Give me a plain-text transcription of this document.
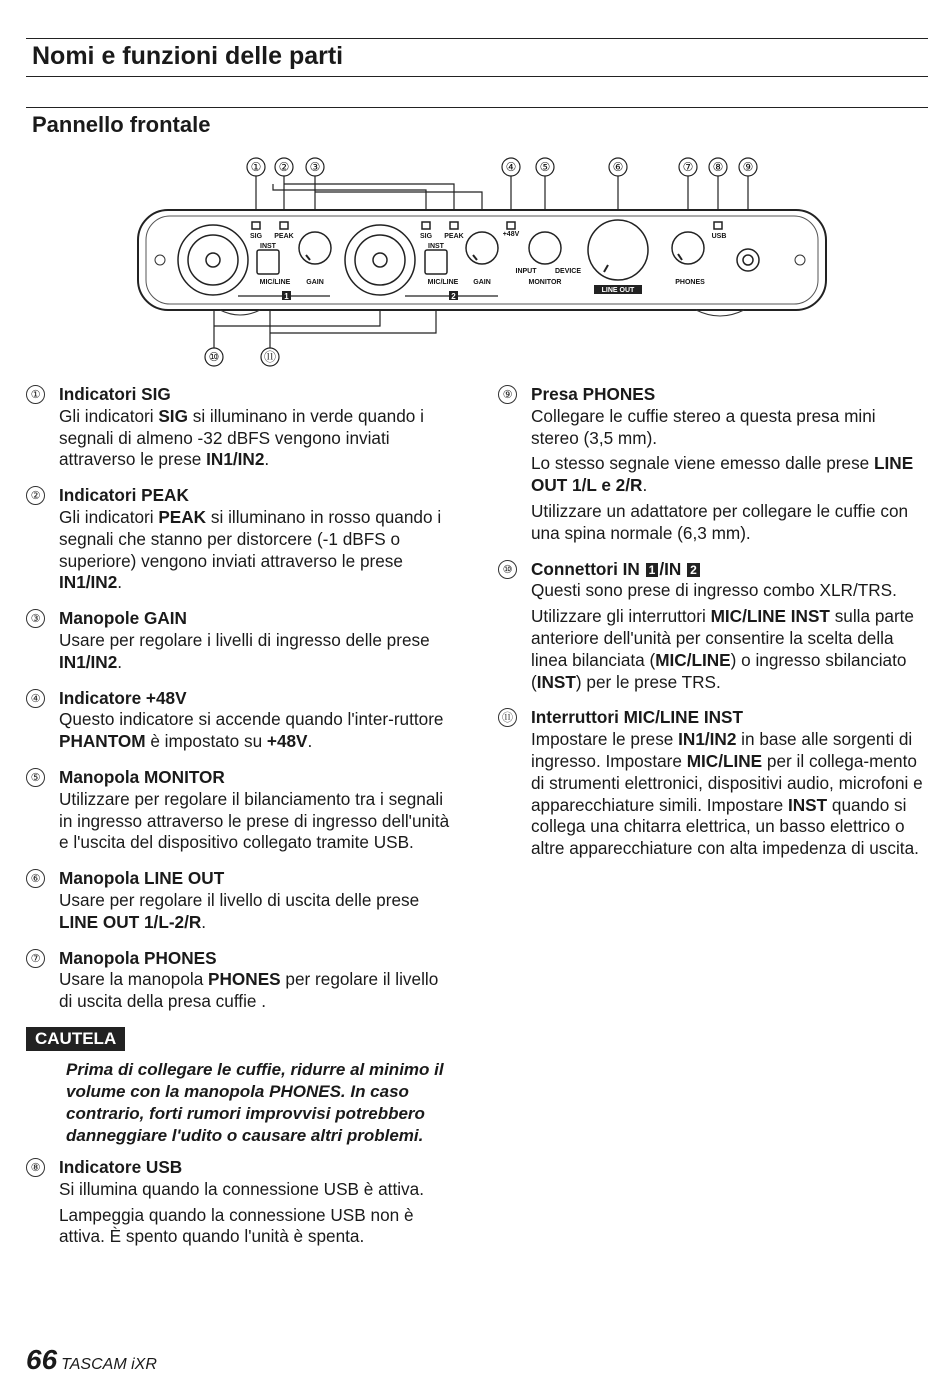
Nomi e funzioni delle parti
Pannello frontale
① ② ③	④ ⑤	⑥	⑦ ⑧ ⑨
⑩	⑪
SIG PEAK	SIG PEAK
INST	INST
MIC/LINE	MIC/LINE
GAIN	GAIN
+48V
INPUT	DEVICE
MONITOR	PHONES
USB
LINE OUT
1	2
① Indicatori SIG

Gli indicatori SIG si illuminano in verde quando i segnali di almeno -32 dBFS vengono inviati attraverso le prese IN1/IN2.

② Indicatori PEAK

Gli indicatori PEAK si illuminano in rosso quando i segnali che stanno per distorcere (-1 dBFS o superiore) vengono inviati attraverso le prese IN1/IN2.

③ Manopole GAIN

Usare per regolare i livelli di ingresso delle prese IN1/IN2.

④ Indicatore +48V

Questo indicatore si accende quando l'inter-ruttore PHANTOM è impostato su +48V.

⑤ Manopola MONITOR

Utilizzare per regolare il bilanciamento tra i segnali in ingresso attraverso le prese di ingresso dell'unità e l'uscita del dispositivo collegato tramite USB.

⑥ Manopola LINE OUT

Usare per regolare il livello di uscita delle prese LINE OUT 1/L-2/R.

⑦ Manopola PHONES

Usare la manopola PHONES per regolare il livello di uscita della presa cuffie .

CAUTELA
Prima di collegare le cuffie, ridurre al minimo il volume con la manopola PHONES. In caso contrario, forti rumori improvvisi potrebbero danneggiare l'udito o causare altri problemi.
⑧ Indicatore USB

Si illumina quando la connessione USB è attiva.

Lampeggia quando la connessione USB non è attiva. È spento quando l'unità è spenta.

⑨ Presa PHONES

Collegare le cuffie stereo a questa presa mini stereo (3,5 mm).

Lo stesso segnale viene emesso dalle prese LINE OUT 1/L e 2/R.

Utilizzare un adattatore per collegare le cuffie con una spina normale (6,3 mm).

⑩ Connettori IN 1 /IN 2

Questi sono prese di ingresso combo XLR/TRS.

Utilizzare gli interruttori MIC/LINE INST sulla parte anteriore dell'unità per consentire la scelta della linea bilanciata (MIC/LINE) o ingresso sbilanciato (INST) per le prese TRS.

⑪ Interruttori MIC/LINE INST

Impostare le prese IN1/IN2 in base alle sorgenti di ingresso. Impostare MIC/LINE per il collega-mento di strumenti elettronici, dispositivi audio, microfoni e apparecchiature simili. Impostare INST quando si collega una chitarra elettrica, un basso elettrico o altre apparecchiature con alta impedenza di uscita.

66 TASCAM iXR
